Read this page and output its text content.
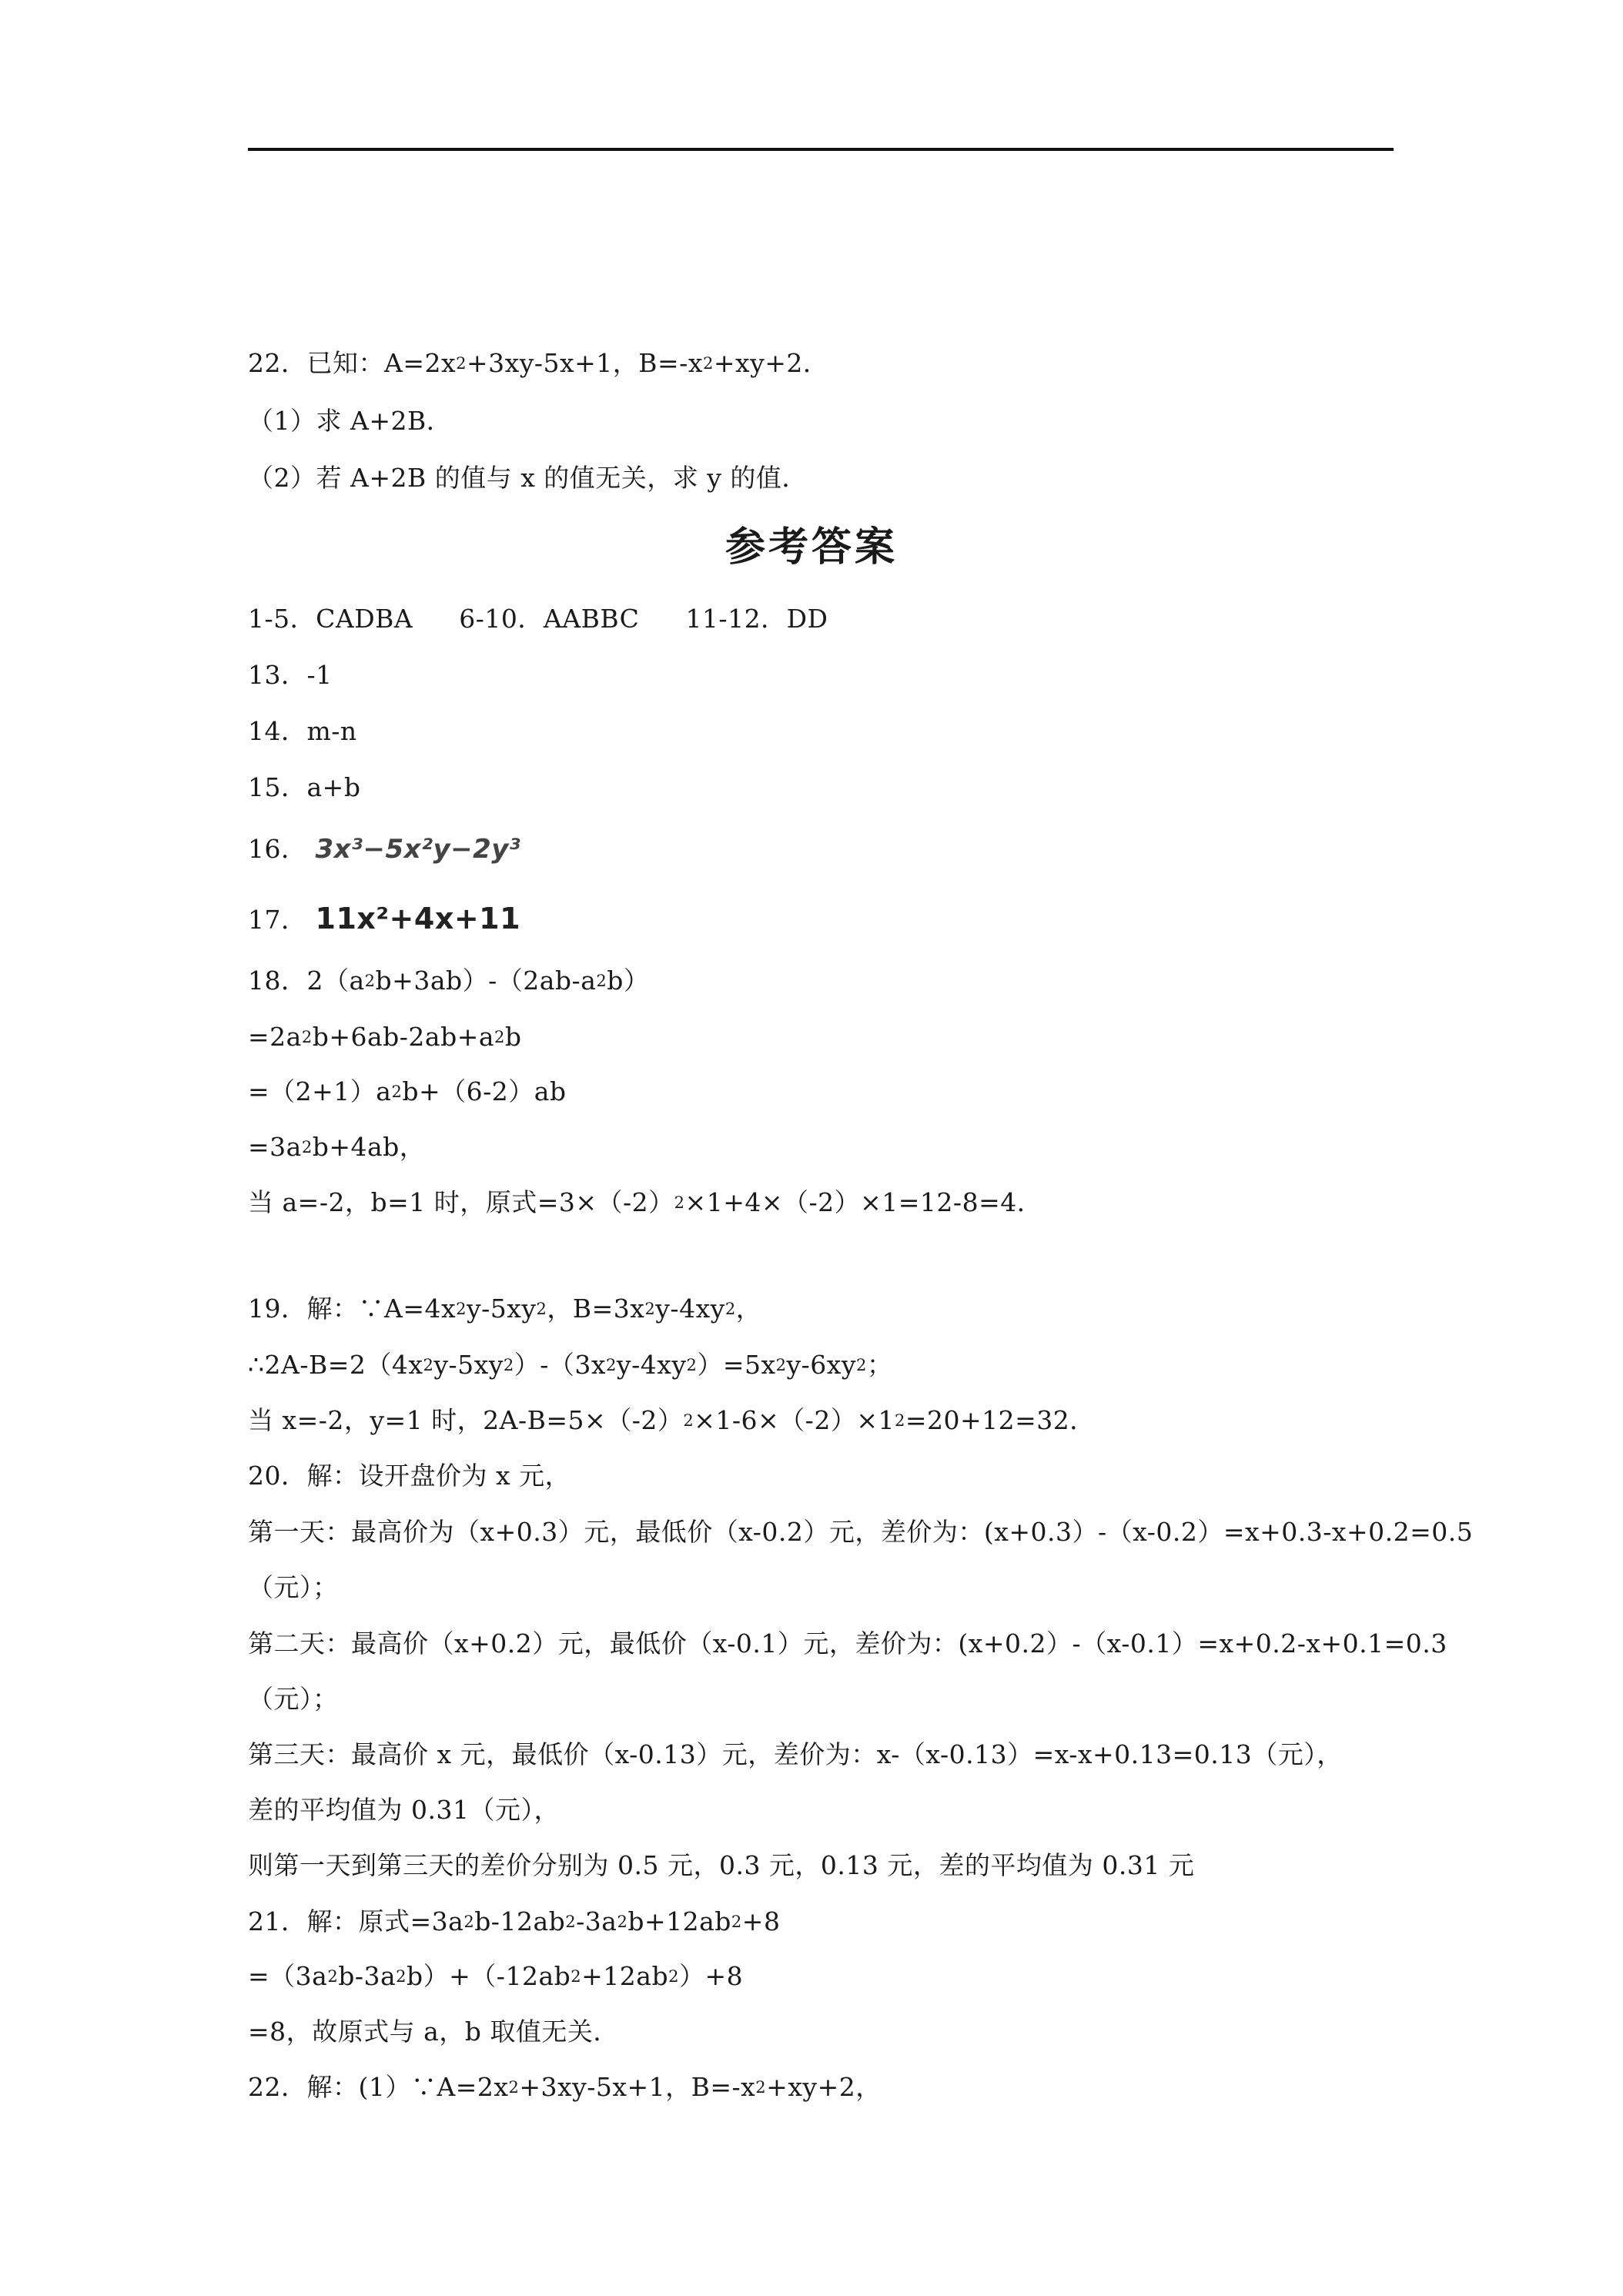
22．已知：$A=2x^2+3xy-5x+1$，$B=-x^2+xy+2$．
（1）求 A+2B．
（2）若 A+2B 的值与 x 的值无关，求 y 的值．
参考答案
1-5．CADBA 6-10．AABBC 11-12．DD
13．-1
14．m-n
15．a+b
16． 3x³−5x²y−2y³
17． 11x²+4x+11
18．$2(a^2b+3ab)-(2ab-a^2b)$
$=2a^2b+6ab-2ab+a^2b$
$=(2+1)a^2b+(6-2)ab$
$=3a^2b+4ab$，
当 a=-2，b=1 时，原式$=3\times(-2)^2\times 1+4\times(-2)\times 1=12-8=4$．
19．解：$\because A=4x^2y-5xy^2$，$B=3x^2y-4xy^2$，
$\therefore 2A-B=2(4x^2y-5xy^2)-(3x^2y-4xy^2)=5x^2y-6xy^2$；
当 x=-2，y=1 时，$2A-B=5\times(-2)^2\times 1-6\times(-2)\times 1^2=20+12=32$．
20．解：设开盘价为 x 元，
第一天：最高价为（x+0.3）元，最低价（x-0.2）元，差价为：(x+0.3）-（x-0.2）=x+0.3-x+0.2=0.5
（元）；
第二天：最高价（x+0.2）元，最低价（x-0.1）元，差价为：(x+0.2）-（x-0.1）=x+0.2-x+0.1=0.3
（元）；
第三天：最高价 x 元，最低价（x-0.13）元，差价为：x-（x-0.13）=x-x+0.13=0.13（元），
差的平均值为 0.31（元），
则第一天到第三天的差价分别为 0.5 元，0.3 元，0.13 元，差的平均值为 0.31 元
21．解：原式$=3a^2b-12ab^2-3a^2b+12ab^2+8$
$=(3a^2b-3a^2b)+(-12ab^2+12ab^2)+8$
=8，故原式与 a，b 取值无关．
22．解：$(1)\because A=2x^2+3xy-5x+1$，$B=-x^2+xy+2$，
